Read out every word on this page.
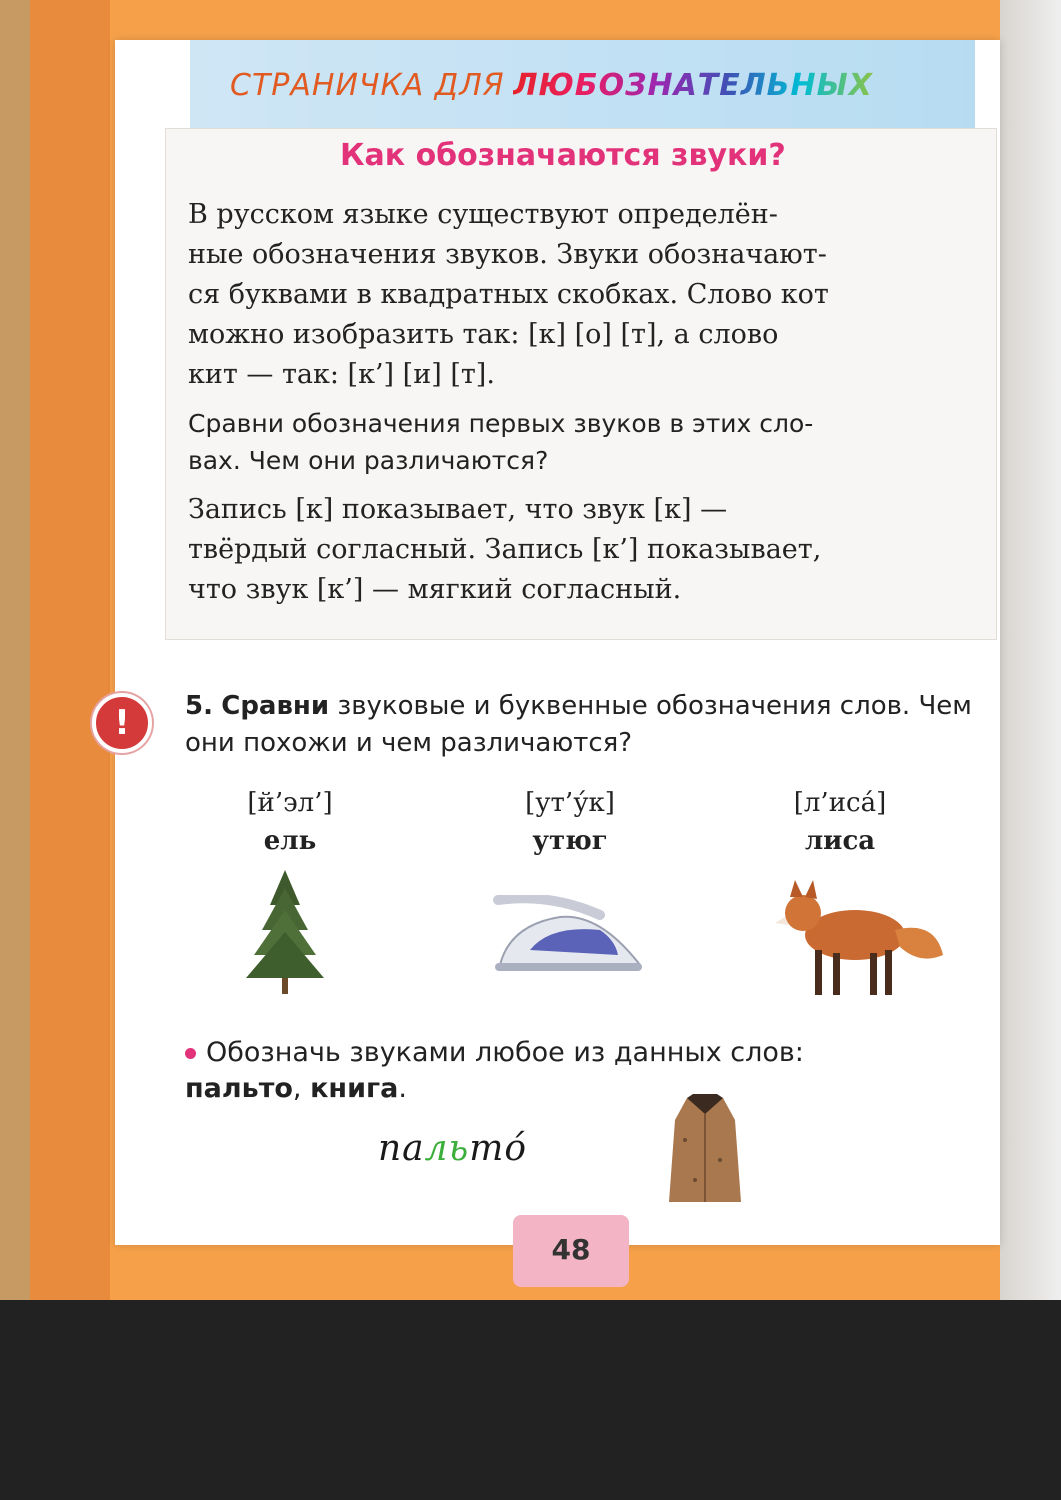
СТРАНИЧКА ДЛЯ ЛЮБОЗНАТЕЛЬНЫХ
Как обозначаются звуки?
В русском языке существуют определён-
ные обозначения звуков. Звуки обозначают-
ся буквами в квадратных скобках. Слово кот
можно изобразить так: [к] [о] [т], а слово
кит — так: [к’] [и] [т].
Сравни обозначения первых звуков в этих сло-
вах. Чем они различаются?
Запись [к] показывает, что звук [к] —
твёрдый согласный. Запись [к’] показывает,
что звук [к’] — мягкий согласный.
!	5. Сравни звуковые и буквенные обозначения слов. Чем они похожи и чем различаются?
[й’эл’]
ель
[ут’у́к]
утюг
[л’иса́]
лиса
Обозначь звуками любое из данных слов:
пальто, книга.
пальто́
48
